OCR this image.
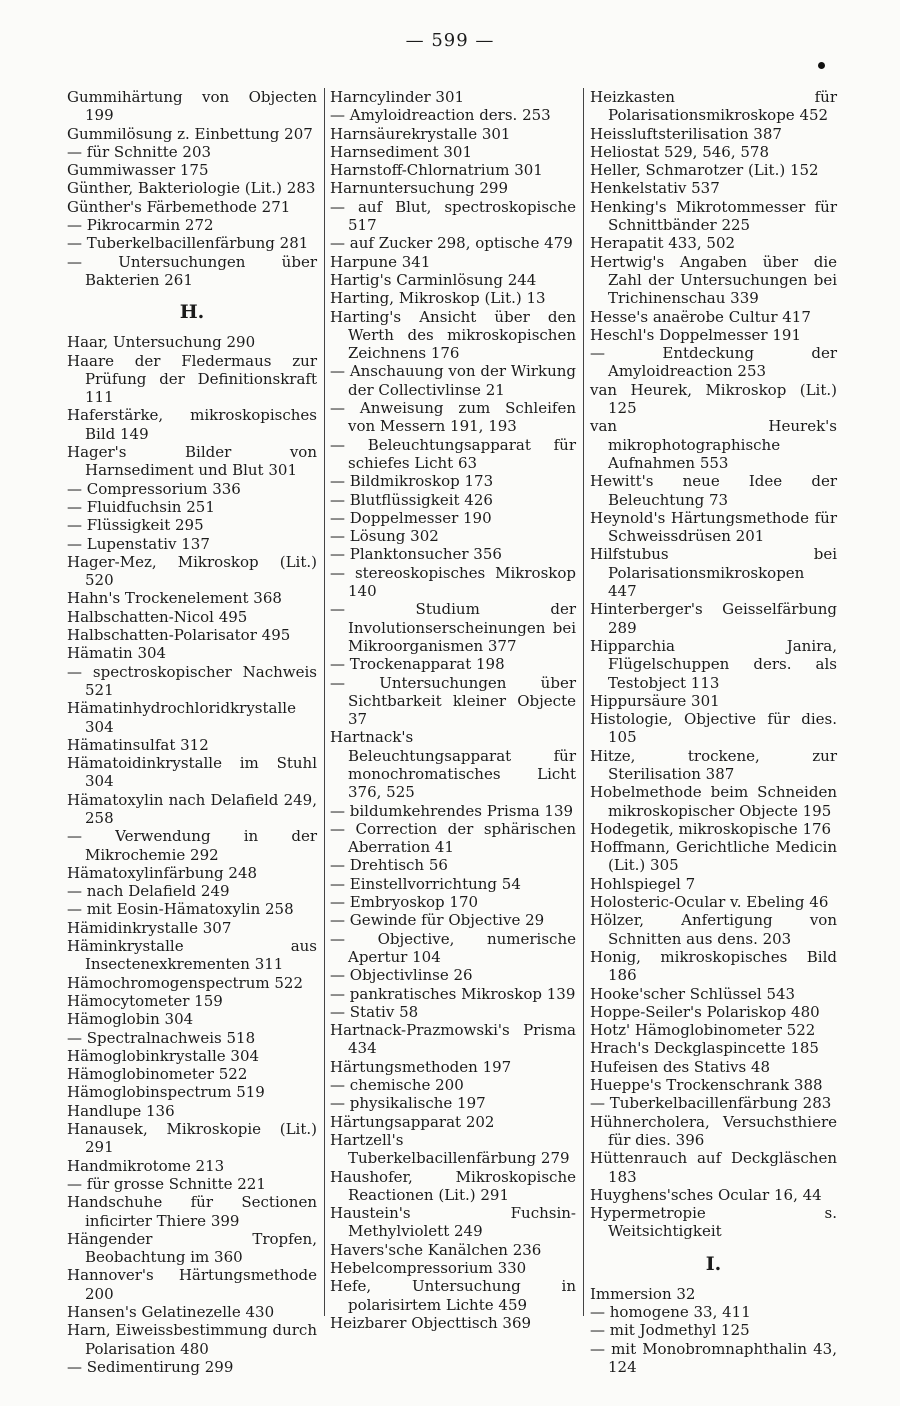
— 599 —

Gummihärtung von Objecten 199

Gummilösung z. Einbettung 207

— für Schnitte 203

Gummiwasser 175

Günther, Bakteriologie (Lit.) 283

Günther's Färbemethode 271

— Pikrocarmin 272

— Tuberkelbacillenfärbung 281

— Untersuchungen über Bakterien 261

H.

Haar, Untersuchung 290

Haare der Fledermaus zur Prüfung der Definitionskraft 111

Haferstärke, mikroskopisches Bild 149

Hager's Bilder von Harnsediment und Blut 301

— Compressorium 336

— Fluidfuchsin 251

— Flüssigkeit 295

— Lupenstativ 137

Hager-Mez, Mikroskop (Lit.) 520

Hahn's Trockenelement 368

Halbschatten-Nicol 495

Halbschatten-Polarisator 495

Hämatin 304

— spectroskopischer Nachweis 521

Hämatinhydrochloridkrystalle 304

Hämatinsulfat 312

Hämatoidinkrystalle im Stuhl 304

Hämatoxylin nach Delafield 249, 258

— Verwendung in der Mikrochemie 292

Hämatoxylinfärbung 248

— nach Delafield 249

— mit Eosin-Hämatoxylin 258

Hämidinkrystalle 307

Häminkrystalle aus Insectenexkrementen 311

Hämochromogenspectrum 522

Hämocytometer 159

Hämoglobin 304

— Spectralnachweis 518

Hämoglobinkrystalle 304

Hämoglobinometer 522

Hämoglobinspectrum 519

Handlupe 136

Hanausek, Mikroskopie (Lit.) 291

Handmikrotome 213

— für grosse Schnitte 221

Handschuhe für Sectionen inficirter Thiere 399

Hängender Tropfen, Beobachtung im 360

Hannover's Härtungsmethode 200

Hansen's Gelatinezelle 430

Harn, Eiweissbestimmung durch Polarisation 480

— Sedimentirung 299

Harncylinder 301

— Amyloidreaction ders. 253

Harnsäurekrystalle 301

Harnsediment 301

Harnstoff-Chlornatrium 301

Harnuntersuchung 299

— auf Blut, spectroskopische 517

— auf Zucker 298, optische 479

Harpune 341

Hartig's Carminlösung 244

Harting, Mikroskop (Lit.) 13

Harting's Ansicht über den Werth des mikroskopischen Zeichnens 176

— Anschauung von der Wirkung der Collectivlinse 21

— Anweisung zum Schleifen von Messern 191, 193

— Beleuchtungsapparat für schiefes Licht 63

— Bildmikroskop 173

— Blutflüssigkeit 426

— Doppelmesser 190

— Lösung 302

— Planktonsucher 356

— stereoskopisches Mikroskop 140

— Studium der Involutionserscheinungen bei Mikroorganismen 377

— Trockenapparat 198

— Untersuchungen über Sichtbarkeit kleiner Objecte 37

Hartnack's Beleuchtungsapparat für monochromatisches Licht 376, 525

— bildumkehrendes Prisma 139

— Correction der sphärischen Aberration 41

— Drehtisch 56

— Einstellvorrichtung 54

— Embryoskop 170

— Gewinde für Objective 29

— Objective, numerische Apertur 104

— Objectivlinse 26

— pankratisches Mikroskop 139

— Stativ 58

Hartnack-Prazmowski's Prisma 434

Härtungsmethoden 197

— chemische 200

— physikalische 197

Härtungsapparat 202

Hartzell's Tuberkelbacillenfärbung 279

Haushofer, Mikroskopische Reactionen (Lit.) 291

Haustein's Fuchsin-Methylviolett 249

Havers'sche Kanälchen 236

Hebelcompressorium 330

Hefe, Untersuchung in polarisirtem Lichte 459

Heizbarer Objecttisch 369

Heizkasten für Polarisationsmikroskope 452

Heissluftsterilisation 387

Heliostat 529, 546, 578

Heller, Schmarotzer (Lit.) 152

Henkelstativ 537

Henking's Mikrotommesser für Schnittbänder 225

Herapatit 433, 502

Hertwig's Angaben über die Zahl der Untersuchungen bei Trichinenschau 339

Hesse's anaërobe Cultur 417

Heschl's Doppelmesser 191

— Entdeckung der Amyloidreaction 253

van Heurek, Mikroskop (Lit.) 125

van Heurek's mikrophotographische Aufnahmen 553

Hewitt's neue Idee der Beleuchtung 73

Heynold's Härtungsmethode für Schweissdrüsen 201

Hilfstubus bei Polarisationsmikroskopen 447

Hinterberger's Geisselfärbung 289

Hipparchia Janira, Flügelschuppen ders. als Testobject 113

Hippursäure 301

Histologie, Objective für dies. 105

Hitze, trockene, zur Sterilisation 387

Hobelmethode beim Schneiden mikroskopischer Objecte 195

Hodegetik, mikroskopische 176

Hoffmann, Gerichtliche Medicin (Lit.) 305

Hohlspiegel 7

Holosteric-Ocular v. Ebeling 46

Hölzer, Anfertigung von Schnitten aus dens. 203

Honig, mikroskopisches Bild 186

Hooke'scher Schlüssel 543

Hoppe-Seiler's Polariskop 480

Hotz' Hämoglobinometer 522

Hrach's Deckglaspincette 185

Hufeisen des Stativs 48

Hueppe's Trockenschrank 388

— Tuberkelbacillenfärbung 283

Hühnercholera, Versuchsthiere für dies. 396

Hüttenrauch auf Deckgläschen 183

Huyghens'sches Ocular 16, 44

Hypermetropie s. Weitsichtigkeit

I.

Immersion 32

— homogene 33, 411

— mit Jodmethyl 125

— mit Monobromnaphthalin 43, 124
